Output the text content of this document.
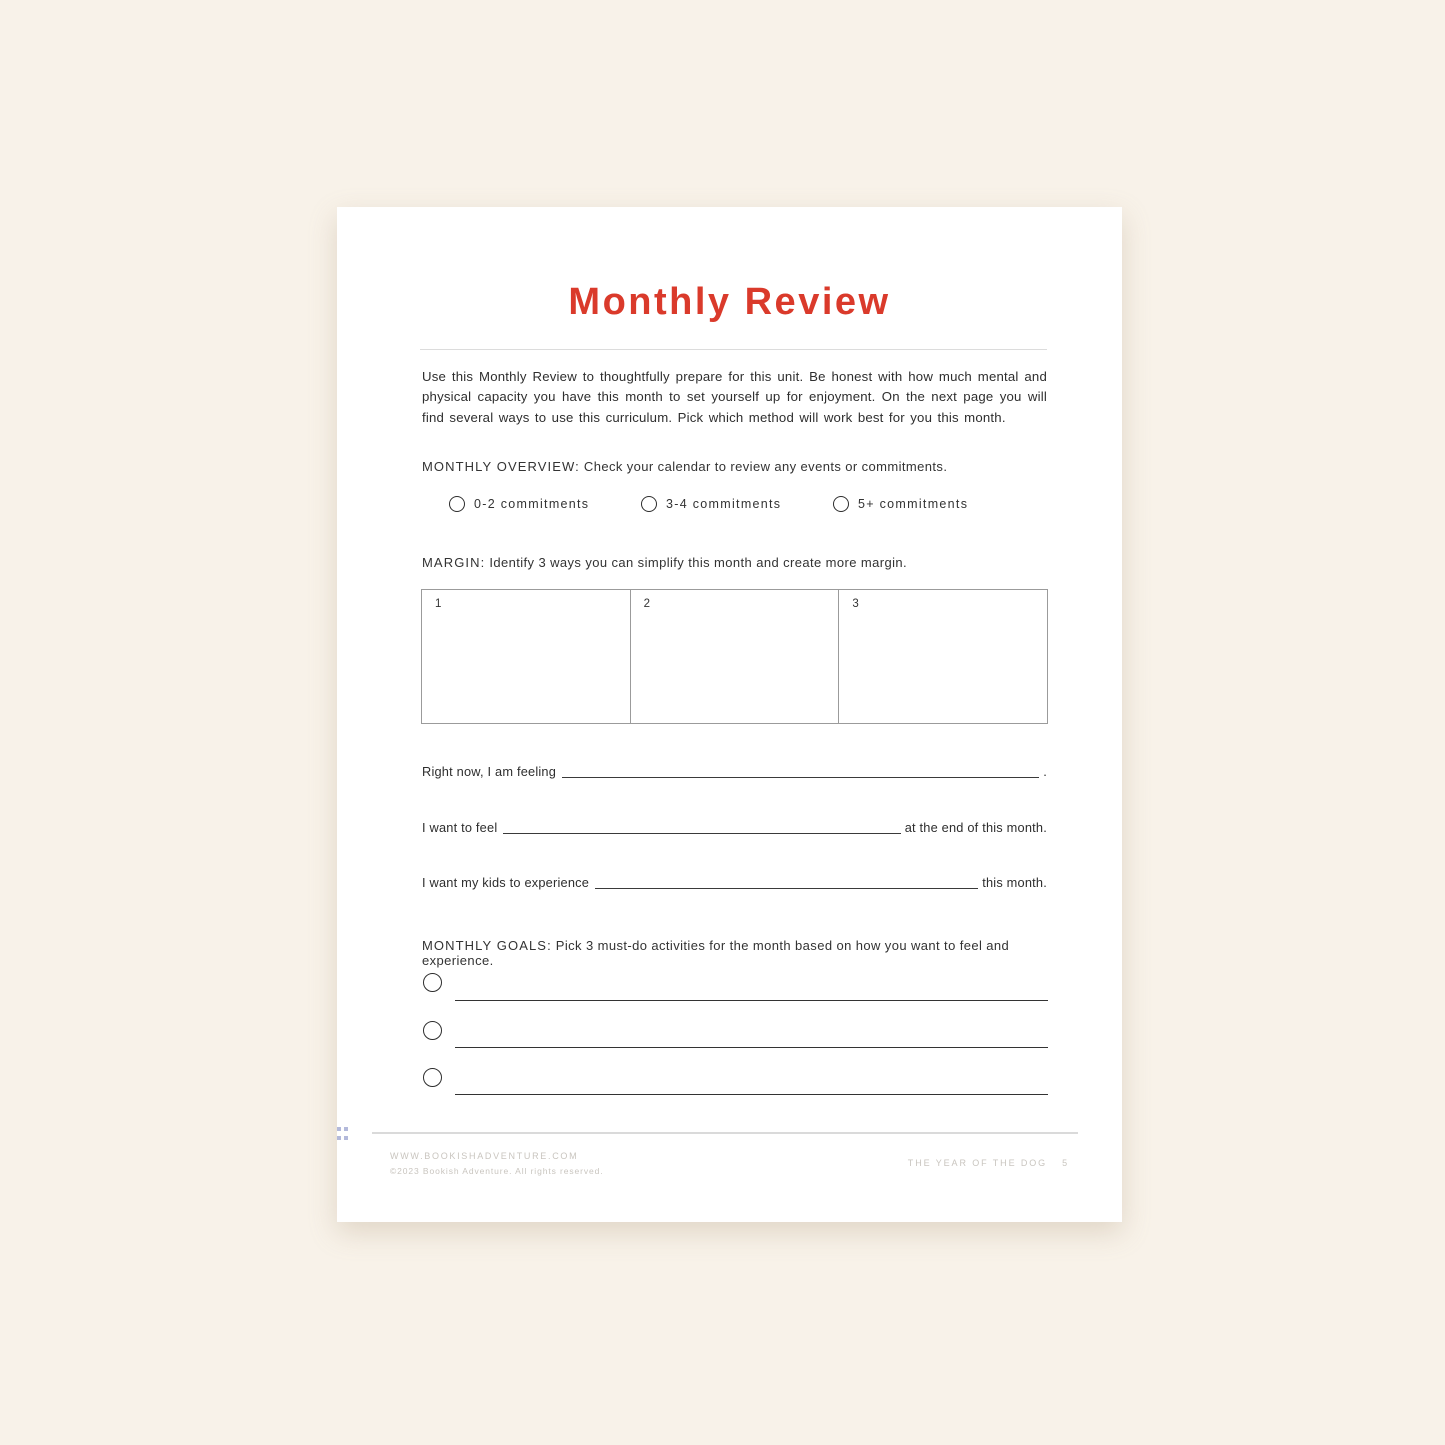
Monthly Review
Use this Monthly Review to thoughtfully prepare for this unit. Be honest with how much mental and physical capacity you have this month to set yourself up for enjoyment. On the next page you will find several ways to use this curriculum. Pick which method will work best for you this month.
MONTHLY OVERVIEW: Check your calendar to review any events or commitments.
0-2 commitments	3-4 commitments	5+ commitments
MARGIN: Identify 3 ways you can simplify this month and create more margin.
1	2	3
Right now, I am feeling	.
I want to feel	at the end of this month.
I want my kids to experience	this month.
MONTHLY GOALS: Pick 3 must-do activities for the month based on how you want to feel and experience.
WWW.BOOKISHADVENTURE.COM
©2023 Bookish Adventure. All rights reserved.
THE YEAR OF THE DOG 5
